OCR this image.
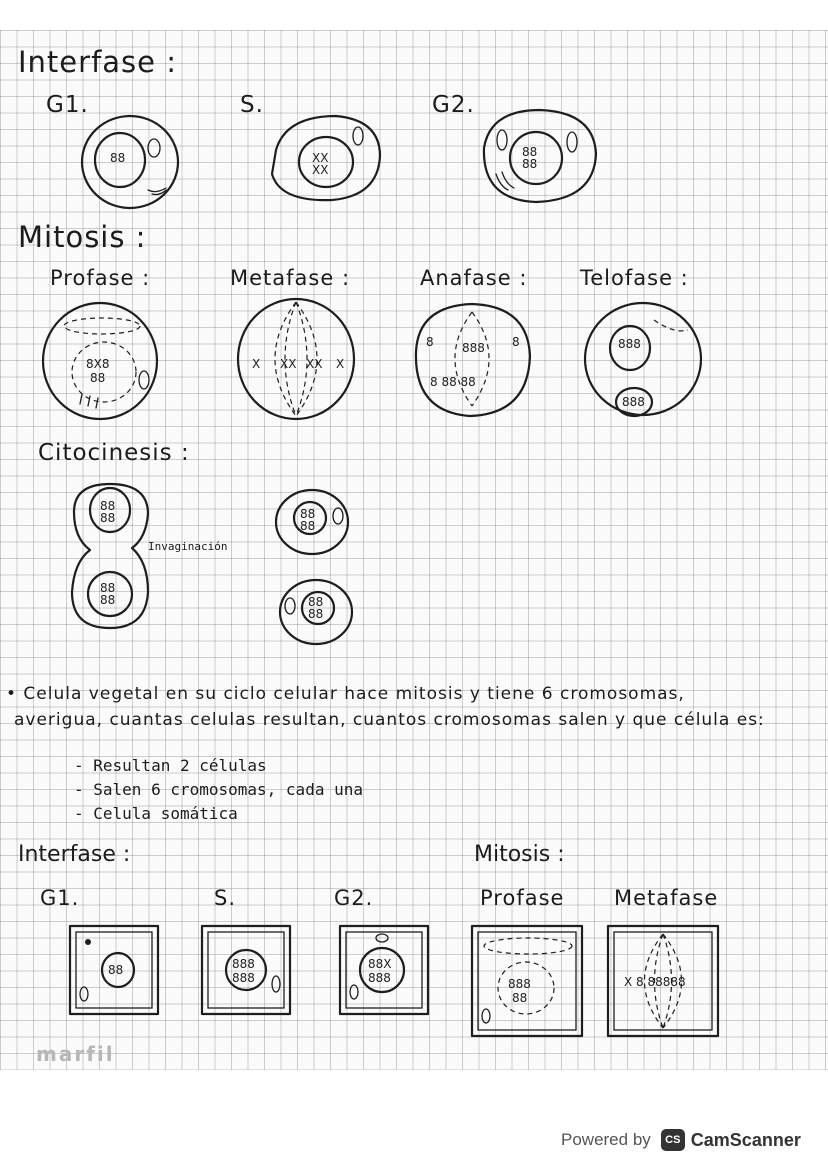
Interfase :
G1.	S.	G2.
88	XX
XX
88
88
Mitosis :
Profase :	Metafase :	Anafase :	Telofase :
8X8
88
X XX XX X
8 888 8
8 88 88
888
888
Citocinesis :
88
88
88
88
Invaginación
88
88
88
88
• Celula vegetal en su ciclo celular hace mitosis y tiene 6 cromosomas,
averigua, cuantas celulas resultan, cuantos cromosomas salen y que célula es:
- Resultan 2 células
- Salen 6 cromosomas, cada una
- Celula somática
Interfase :
G1.	S.	G2.
88	888
888
88X
888
Mitosis :
Profase Metafase
888
88
X 8 88888
marfil
Powered by	CS CamScanner
